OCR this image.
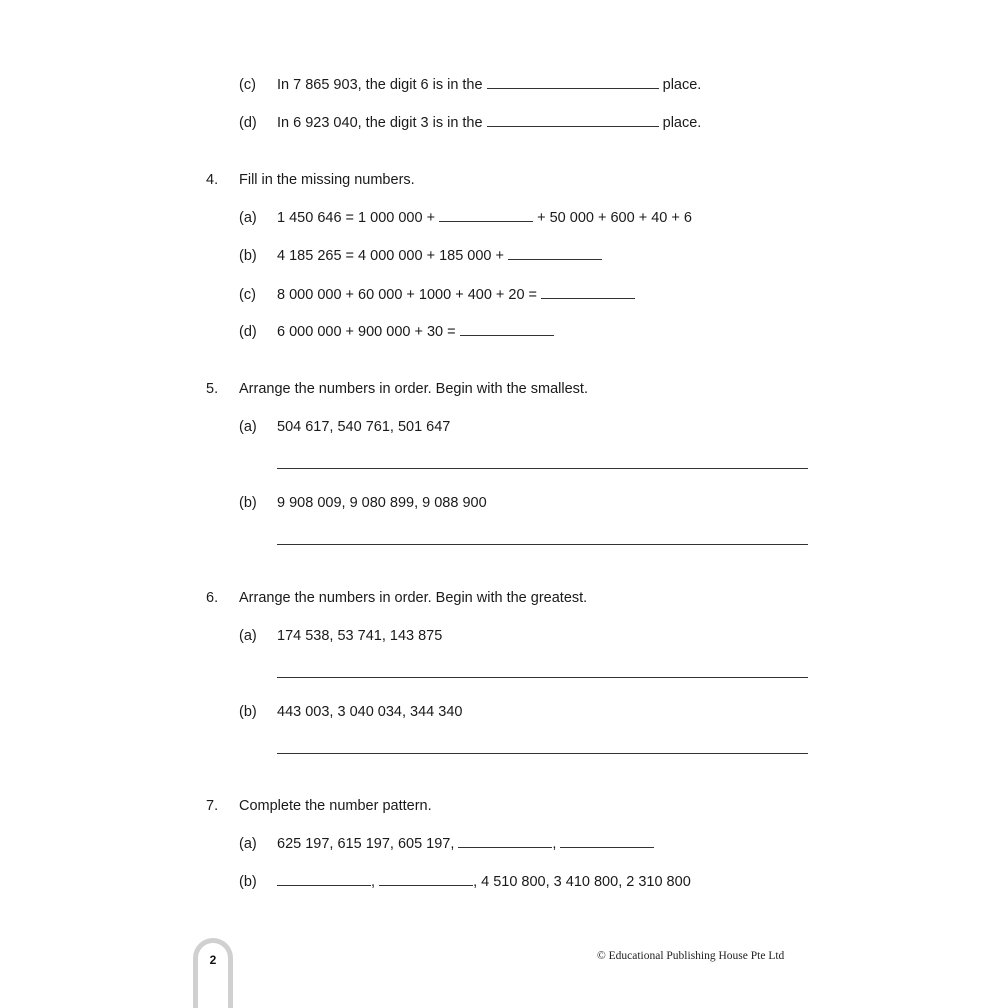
(c) In 7 865 903, the digit 6 is in the	place.
(d) In 6 923 040, the digit 3 is in the	place.
4. Fill in the missing numbers.
(a) 1 450 646 = 1 000 000 +	+ 50 000 + 600 + 40 + 6
(b) 4 185 265 = 4 000 000 + 185 000 +
(c) 8 000 000 + 60 000 + 1000 + 400 + 20 =
(d) 6 000 000 + 900 000 + 30 =
5. Arrange the numbers in order. Begin with the smallest.
(a) 504 617, 540 761, 501 647
(b) 9 908 009, 9 080 899, 9 088 900
6. Arrange the numbers in order. Begin with the greatest.
(a) 174 538, 53 741, 143 875
(b) 443 003, 3 040 034, 344 340
7. Complete the number pattern.
(a) 625 197, 615 197, 605 197,	,
(b)	,	, 4 510 800, 3 410 800, 2 310 800
2	© Educational Publishing House Pte Ltd
